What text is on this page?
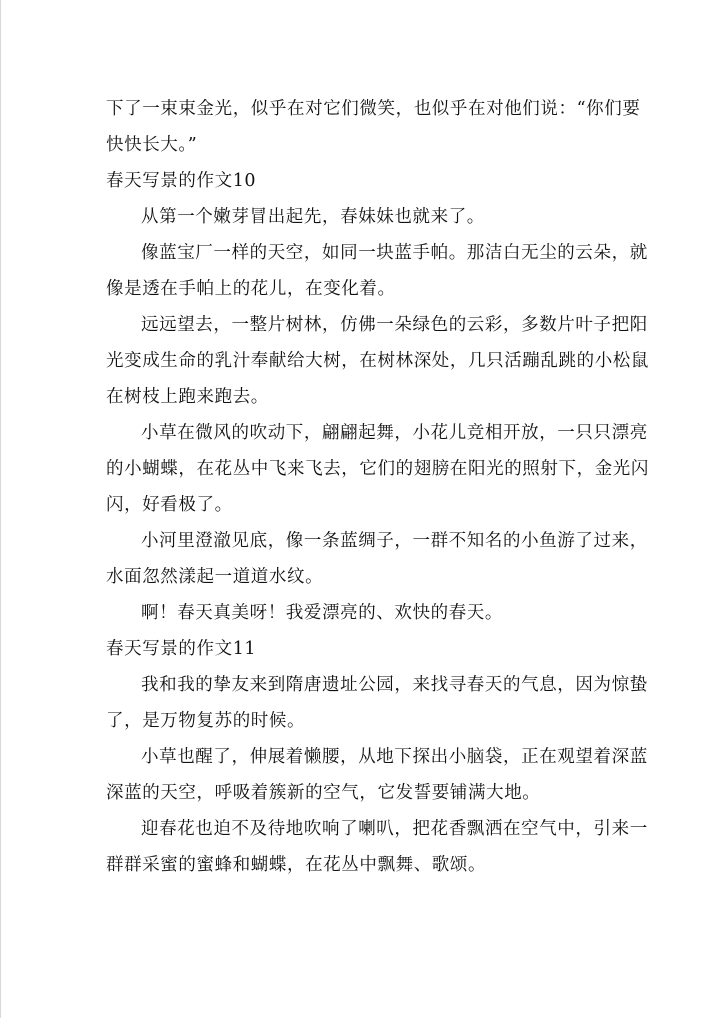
下了一束束金光，似乎在对它们微笑，也似乎在对他们说：“你们要
快快长大。”
春天写景的作文10
从第一个嫩芽冒出起先，春妹妹也就来了。
像蓝宝厂一样的天空，如同一块蓝手帕。那洁白无尘的云朵，就
像是透在手帕上的花儿，在变化着。
远远望去，一整片树林，仿佛一朵绿色的云彩，多数片叶子把阳
光变成生命的乳汁奉献给大树，在树林深处，几只活蹦乱跳的小松鼠
在树枝上跑来跑去。
小草在微风的吹动下，翩翩起舞，小花儿竞相开放，一只只漂亮
的小蝴蝶，在花丛中飞来飞去，它们的翅膀在阳光的照射下，金光闪
闪，好看极了。
小河里澄澈见底，像一条蓝绸子，一群不知名的小鱼游了过来，
水面忽然漾起一道道水纹。
啊！春天真美呀！我爱漂亮的、欢快的春天。
春天写景的作文11
我和我的挚友来到隋唐遗址公园，来找寻春天的气息，因为惊蛰
了，是万物复苏的时候。
小草也醒了，伸展着懒腰，从地下探出小脑袋，正在观望着深蓝
深蓝的天空，呼吸着簇新的空气，它发誓要铺满大地。
迎春花也迫不及待地吹响了喇叭，把花香飘洒在空气中，引来一
群群采蜜的蜜蜂和蝴蝶，在花丛中飘舞、歌颂。
